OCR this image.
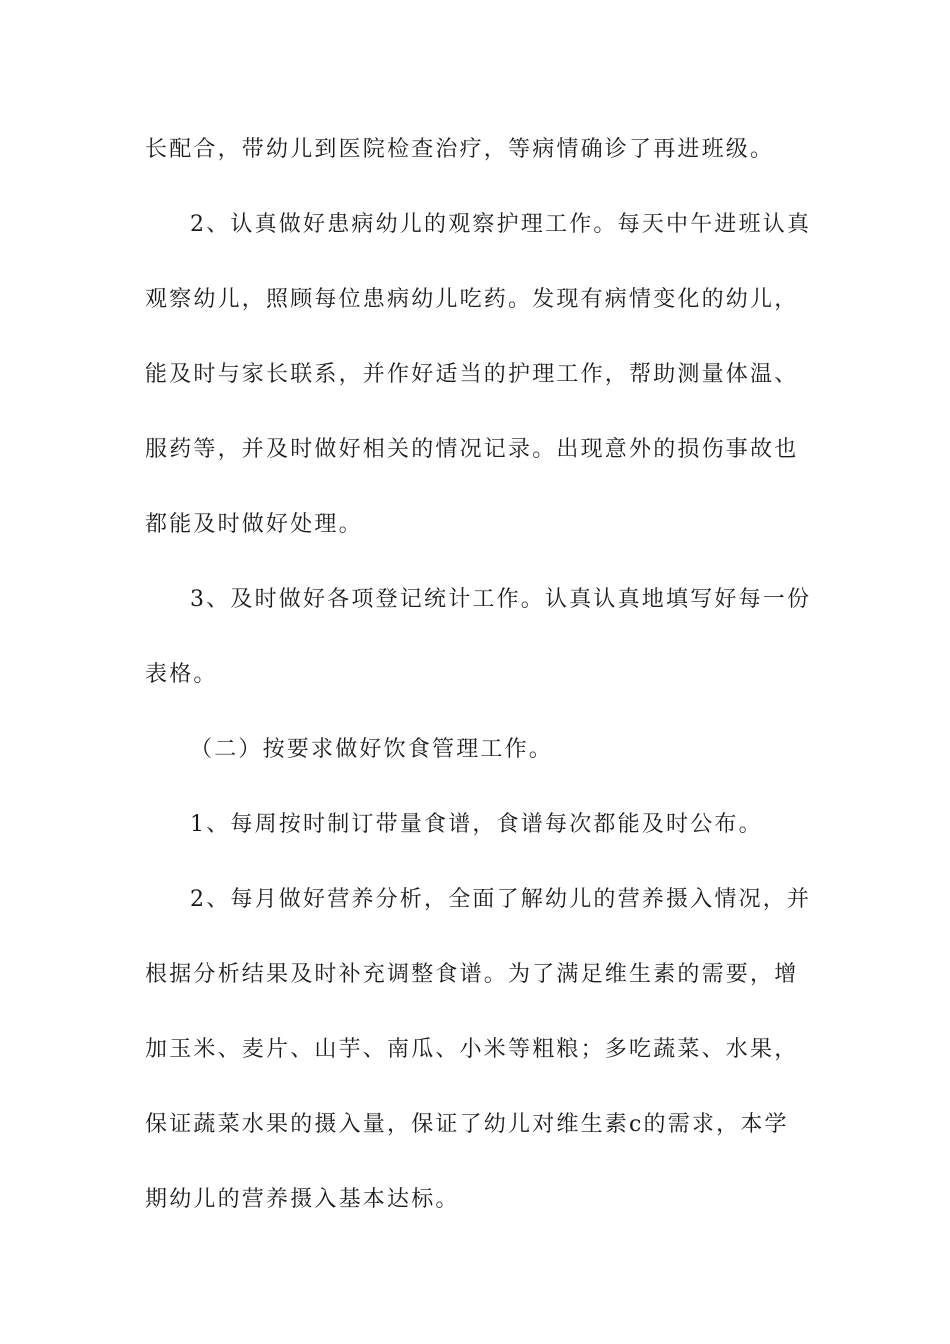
长配合，带幼儿到医院检查治疗，等病情确诊了再进班级。
2、认真做好患病幼儿的观察护理工作。每天中午进班认真
观察幼儿，照顾每位患病幼儿吃药。发现有病情变化的幼儿，
能及时与家长联系，并作好适当的护理工作，帮助测量体温、
服药等，并及时做好相关的情况记录。出现意外的损伤事故也
都能及时做好处理。
3、及时做好各项登记统计工作。认真认真地填写好每一份
表格。
（二）按要求做好饮食管理工作。
1、每周按时制订带量食谱，食谱每次都能及时公布。
2、每月做好营养分析，全面了解幼儿的营养摄入情况，并
根据分析结果及时补充调整食谱。为了满足维生素的需要，增
加玉米、麦片、山芋、南瓜、小米等粗粮；多吃蔬菜、水果，
保证蔬菜水果的摄入量，保证了幼儿对维生素c的需求，本学
期幼儿的营养摄入基本达标。
